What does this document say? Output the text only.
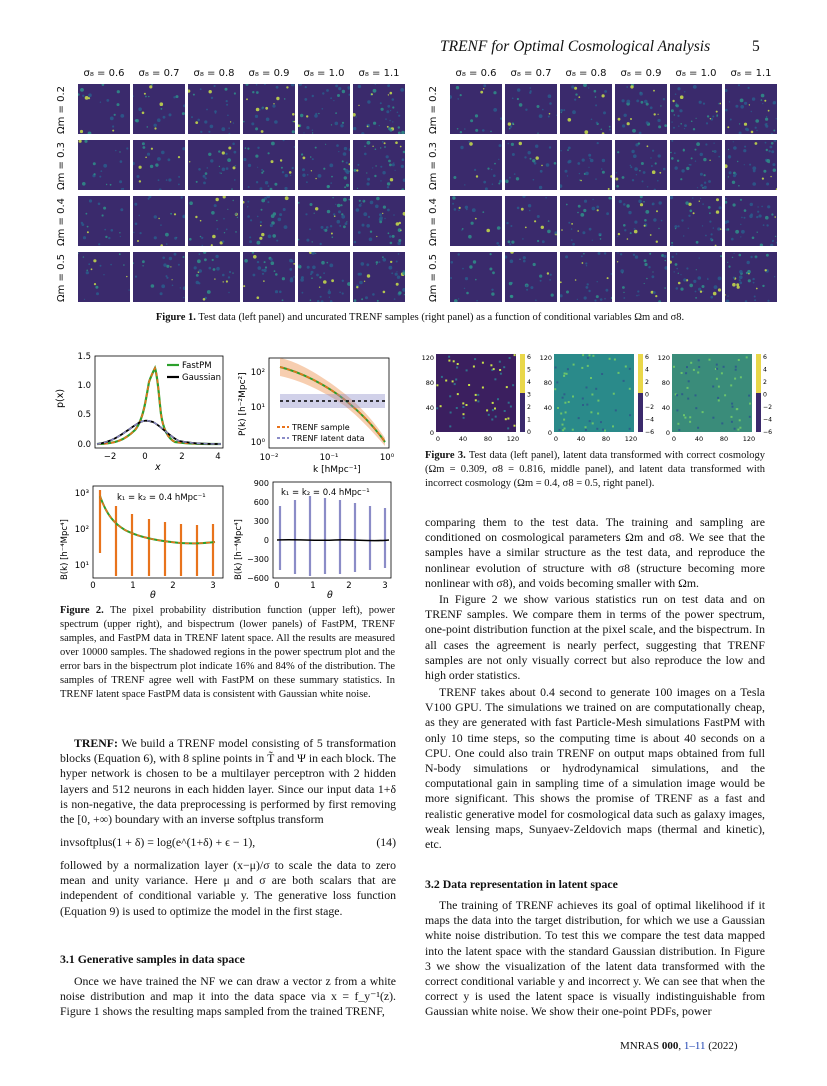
TRENF for Optimal Cosmological Analysis	5
σ₈ = 0.6	σ₈ = 0.7	σ₈ = 0.8	σ₈ = 0.9	σ₈ = 1.0	σ₈ = 1.1
Ωm = 0.2
Ωm = 0.3
Ωm = 0.4
Ωm = 0.5
σ₈ = 0.6	σ₈ = 0.7	σ₈ = 0.8	σ₈ = 0.9	σ₈ = 1.0	σ₈ = 1.1
Ωm = 0.2
Ωm = 0.3
Ωm = 0.4
Ωm = 0.5
Figure 1. Test data (left panel) and uncurated TRENF samples (right panel) as a function of conditional variables Ωm and σ8.
p(x)
x
1.5
1.0
0.5
0.0
−2	0	2	4
FastPM
Gaussian P(k) [h⁻²Mpc²]
k [hMpc⁻¹]
10²
10¹
10⁰
10⁻²	10⁻¹	10⁰
TRENF sample
TRENF latent data
B(k) [h⁻⁴Mpc⁴]
θ
k₁ = k₂ = 0.4 hMpc⁻¹
10³
10²
10¹
0	1	2	3
B(k) [h⁻⁴Mpc⁴]
θ
k₁ = k₂ = 0.4 hMpc⁻¹
900
600
300
0
−300
−600
0	1	2	3
Figure 2. The pixel probability distribution function (upper left), power spectrum (upper right), and bispectrum (lower panels) of FastPM, TRENF samples, and FastPM data in TRENF latent space. All the results are measured over 10000 samples. The shadowed regions in the power spectrum plot and the error bars in the bispectrum plot indicate 16% and 84% of the distribution. The samples of TRENF agree well with FastPM on these summary statistics. In TRENF latent space FastPM data is consistent with Gaussian white noise.
120
80
40
0
0	40	80 120
6
5
4
3
2
1
0
120
80
40
0
0	40	80 120
6
4
2
0
−2
−4
−6
120
80
40
0
0	40	80 120
6
4
2
0
−2
−4
−6
Figure 3. Test data (left panel), latent data transformed with correct cosmology (Ωm = 0.309, σ8 = 0.816, middle panel), and latent data transformed with incorrect cosmology (Ωm = 0.4, σ8 = 0.5, right panel).
TRENF: We build a TRENF model consisting of 5 transformation blocks (Equation 6), with 8 spline points in T̃ and Ψ in each block. The hyper network is chosen to be a multilayer perceptron with 2 hidden layers and 512 neurons in each hidden layer. Since our input data 1+δ is non-negative, the data preprocessing is performed by first removing the [0, +∞) boundary with an inverse softplus transform
invsoftplus(1 + δ) = log(e^(1+δ) + ϵ − 1),	(14)
followed by a normalization layer (x−μ)/σ to scale the data to zero mean and unity variance. Here μ and σ are both scalars that are independent of conditional variable y. The generative loss function (Equation 9) is used to optimize the model in the first stage.
3.1 Generative samples in data space
Once we have trained the NF we can draw a vector z from a white noise distribution and map it into the data space via x = f_y⁻¹(z). Figure 1 shows the resulting maps sampled from the trained TRENF,
comparing them to the test data. The training and sampling are conditioned on cosmological parameters Ωm and σ8. We see that the samples have a similar structure as the test data, and reproduce the nonlinear evolution of structure with σ8 (structure becoming more nonlinear with σ8), and voids becoming smaller with Ωm.
In Figure 2 we show various statistics run on test data and on TRENF samples. We compare them in terms of the power spectrum, one-point distribution function at the pixel scale, and the bispectrum. In all cases the agreement is nearly perfect, suggesting that TRENF samples are not only visually correct but also reproduce the low and high order statistics.
TRENF takes about 0.4 second to generate 100 images on a Tesla V100 GPU. The simulations we trained on are computationally cheap, as they are generated with fast Particle-Mesh simulations FastPM with only 10 time steps, so the computing time is about 40 seconds on a CPU. One could also train TRENF on output maps obtained from full N-body simulations or hydrodynamical simulations, and the computational gain in sampling time of a simulation image would be more significant. This shows the promise of TRENF as a fast and realistic generative model for cosmological data such as galaxy images, weak lensing maps, Sunyaev-Zeldovich maps (thermal and kinetic), etc.
3.2 Data representation in latent space
The training of TRENF achieves its goal of optimal likelihood if it maps the data into the target distribution, for which we use a Gaussian white noise distribution. To test this we compare the test data mapped into the latent space with the standard Gaussian distribution. In Figure 3 we show the visualization of the latent data transformed with the correct conditional variable y and incorrect y. We can see that when the correct y is used the latent space is visually indistinguishable from Gaussian white noise. We show their one-point PDFs, power
MNRAS 000, 1–11 (2022)
